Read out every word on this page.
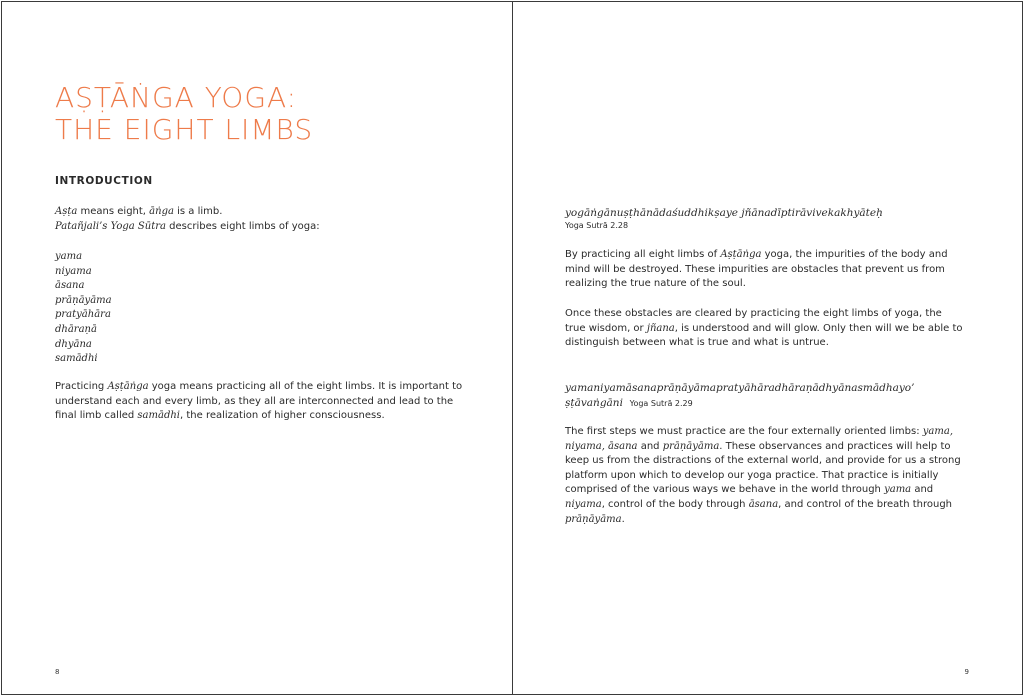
AṢṬĀṄGA YOGA:
THE EIGHT LIMBS
INTRODUCTION

Aṣṭa means eight, āṅga is a limb.
Patañjali’s Yoga Sūtra describes eight limbs of yoga:

yama
niyama
āsana
prāṇāyāma
pratyāhāra
dhāraṇā
dhyāna
samādhi

Practicing Aṣṭāṅga yoga means practicing all of the eight limbs. It is important to understand each and every limb, as they all are interconnected and lead to the final limb called samādhi, the realization of higher consciousness.

8

yogāṅgānuṣṭhānādaśuddhikṣaye jñānadīptirāvivekakhyāteḥ

Yoga Sutrā 2.28

By practicing all eight limbs of Aṣṭāṅga yoga, the impurities of the body and mind will be destroyed. These impurities are obstacles that prevent us from realizing the true nature of the soul.

Once these obstacles are cleared by practicing the eight limbs of yoga, the true wisdom, or jñana, is understood and will glow. Only then will we be able to distinguish between what is true and what is untrue.

yamaniyamāsanaprāṇāyāmapratyāhāradhāraṇādhyānasmādhayo’ ṣṭāvaṅgāni Yoga Sutrā 2.29

The first steps we must practice are the four externally oriented limbs: yama, niyama, āsana and prāṇāyāma. These observances and practices will help to keep us from the distractions of the external world, and provide for us a strong platform upon which to develop our yoga practice. That practice is initially comprised of the various ways we behave in the world through yama and niyama, control of the body through āsana, and control of the breath through prāṇāyāma.

9
